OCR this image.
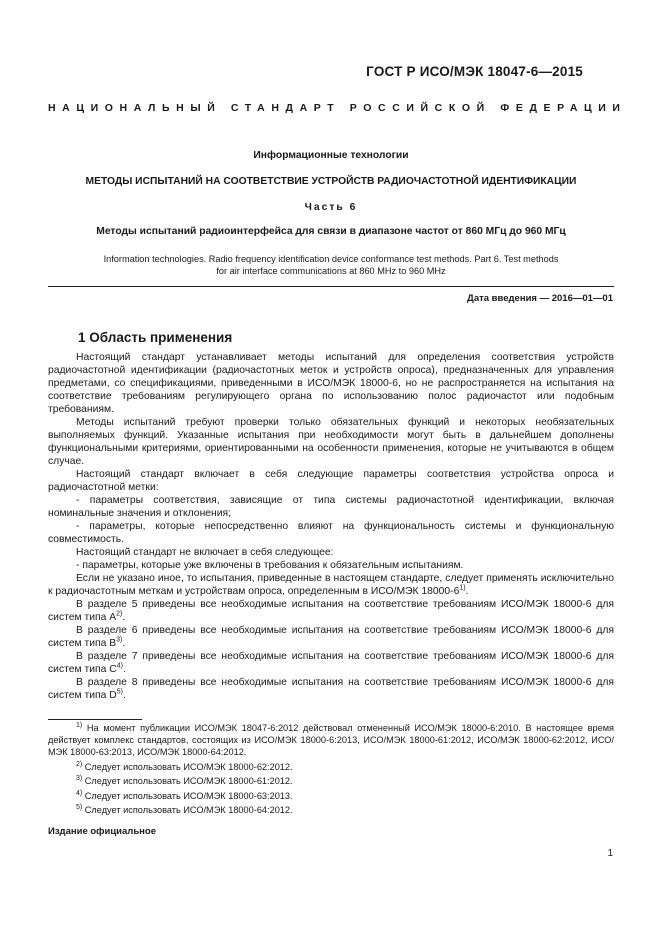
ГОСТ Р ИСО/МЭК 18047-6—2015
НАЦИОНАЛЬНЫЙ СТАНДАРТ РОССИЙСКОЙ ФЕДЕРАЦИИ
Информационные технологии
МЕТОДЫ ИСПЫТАНИЙ НА СООТВЕТСТВИЕ УСТРОЙСТВ РАДИОЧАСТОТНОЙ ИДЕНТИФИКАЦИИ
Часть 6
Методы испытаний радиоинтерфейса для связи в диапазоне частот от 860 МГц до 960 МГц
Information technologies. Radio frequency identification device conformance test methods. Part 6. Test methods for air interface communications at 860 MHz to 960 MHz
Дата введения — 2016—01—01
1 Область применения

Настоящий стандарт устанавливает методы испытаний для определения соответствия устройств радиочастотной идентификации (радиочастотных меток и устройств опроса), предназначенных для управления предметами, со спецификациями, приведенными в ИСО/МЭК 18000-6, но не распространяется на испытания на соответствие требованиям регулирующего органа по использованию полос радиочастот или подобным требованиям.

Методы испытаний требуют проверки только обязательных функций и некоторых необязательных выполняемых функций. Указанные испытания при необходимости могут быть в дальнейшем дополнены функциональными критериями, ориентированными на особенности применения, которые не учитываются в общем случае.

Настоящий стандарт включает в себя следующие параметры соответствия устройства опроса и радиочастотной метки:

- параметры соответствия, зависящие от типа системы радиочастотной идентификации, включая номинальные значения и отклонения;

- параметры, которые непосредственно влияют на функциональность системы и функциональную совместимость.

Настоящий стандарт не включает в себя следующее:

- параметры, которые уже включены в требования к обязательным испытаниям.

Если не указано иное, то испытания, приведенные в настоящем стандарте, следует применять исключительно к радиочастотным меткам и устройствам опроса, определенным в ИСО/МЭК 18000-6$^{1)}$.

В разделе 5 приведены все необходимые испытания на соответствие требованиям ИСО/МЭК 18000-6 для систем типа $А^{2)}$.

В разделе 6 приведены все необходимые испытания на соответствие требованиям ИСО/МЭК 18000-6 для систем типа $В^{3)}$.

В разделе 7 приведены все необходимые испытания на соответствие требованиям ИСО/МЭК 18000-6 для систем типа $С^{4)}$.

В разделе 8 приведены все необходимые испытания на соответствие требованиям ИСО/МЭК 18000-6 для систем типа $D^{5)}$.

$^{1)}$ На момент публикации ИСО/МЭК 18047-6:2012 действовал отмененный ИСО/МЭК 18000-6:2010. В настоящее время действует комплекс стандартов, состоящих из ИСО/МЭК 18000-6:2013, ИСО/МЭК 18000-61:2012, ИСО/МЭК 18000-62:2012, ИСО/МЭК 18000-63:2013, ИСО/МЭК 18000-64:2012.

$^{2)}$ Следует использовать ИСО/МЭК 18000-62:2012.

$^{3)}$ Следует использовать ИСО/МЭК 18000-61:2012.

$^{4)}$ Следует использовать ИСО/МЭК 18000-63:2013.

$^{5)}$ Следует использовать ИСО/МЭК 18000-64:2012.

Издание официальное
1
